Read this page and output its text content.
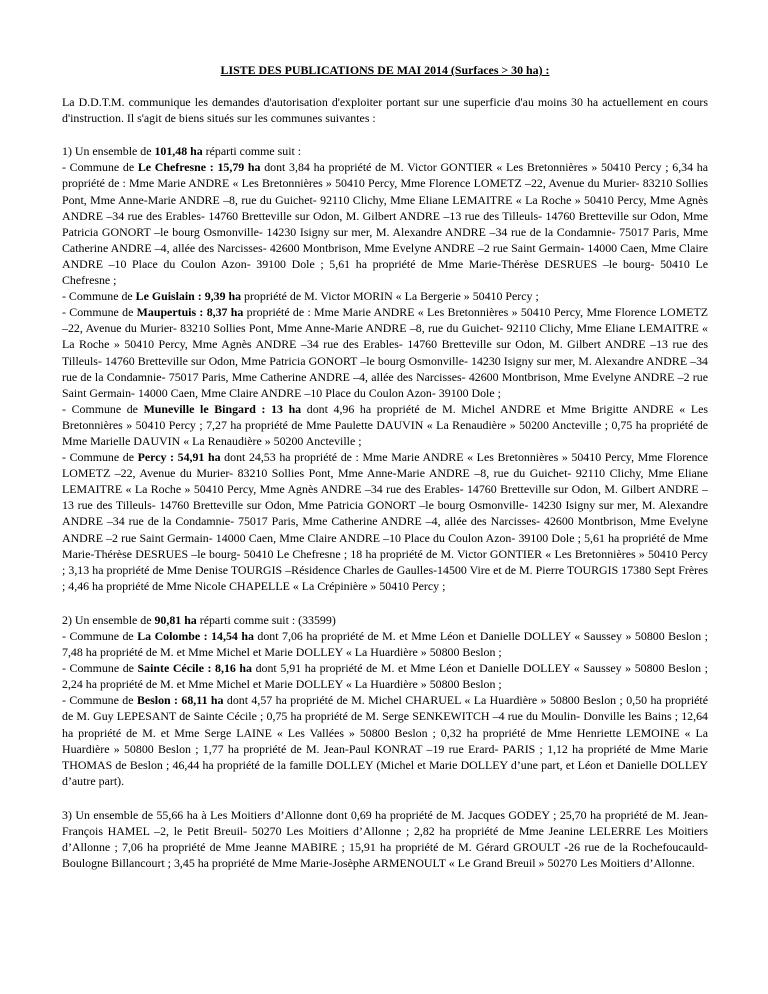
LISTE DES PUBLICATIONS DE MAI 2014 (Surfaces > 30 ha) :
La D.D.T.M. communique les demandes d'autorisation d'exploiter portant sur une superficie d'au moins 30 ha actuellement en cours d'instruction. Il s'agit de biens situés sur les communes suivantes :
1) Un ensemble de 101,48 ha réparti comme suit :
- Commune de Le Chefresne : 15,79 ha dont 3,84 ha propriété de M. Victor GONTIER « Les Bretonnières » 50410 Percy ; 6,34 ha propriété de : Mme Marie ANDRE « Les Bretonnières » 50410 Percy, Mme Florence LOMETZ –22, Avenue du Murier- 83210 Sollies Pont, Mme Anne-Marie ANDRE –8, rue du Guichet- 92110 Clichy, Mme Eliane LEMAITRE « La Roche » 50410 Percy, Mme Agnès ANDRE –34 rue des Erables- 14760 Bretteville sur Odon, M. Gilbert ANDRE –13 rue des Tilleuls- 14760 Bretteville sur Odon, Mme Patricia GONORT –le bourg Osmonville- 14230 Isigny sur mer, M. Alexandre ANDRE –34 rue de la Condamnie- 75017 Paris, Mme Catherine ANDRE –4, allée des Narcisses- 42600 Montbrison, Mme Evelyne ANDRE –2 rue Saint Germain- 14000 Caen, Mme Claire ANDRE –10 Place du Coulon Azon- 39100 Dole ; 5,61 ha propriété de Mme Marie-Thérèse DESRUES –le bourg- 50410 Le Chefresne ;
- Commune de Le Guislain : 9,39 ha propriété de M. Victor MORIN « La Bergerie » 50410 Percy ;
- Commune de Maupertuis : 8,37 ha propriété de : Mme Marie ANDRE « Les Bretonnières » 50410 Percy, Mme Florence LOMETZ –22, Avenue du Murier- 83210 Sollies Pont, Mme Anne-Marie ANDRE –8, rue du Guichet- 92110 Clichy, Mme Eliane LEMAITRE « La Roche » 50410 Percy, Mme Agnès ANDRE –34 rue des Erables- 14760 Bretteville sur Odon, M. Gilbert ANDRE –13 rue des Tilleuls- 14760 Bretteville sur Odon, Mme Patricia GONORT –le bourg Osmonville- 14230 Isigny sur mer, M. Alexandre ANDRE –34 rue de la Condamnie- 75017 Paris, Mme Catherine ANDRE –4, allée des Narcisses- 42600 Montbrison, Mme Evelyne ANDRE –2 rue Saint Germain- 14000 Caen, Mme Claire ANDRE –10 Place du Coulon Azon- 39100 Dole ;
- Commune de Muneville le Bingard : 13 ha dont 4,96 ha propriété de M. Michel ANDRE et Mme Brigitte ANDRE « Les Bretonnières » 50410 Percy ; 7,27 ha propriété de Mme Paulette DAUVIN « La Renaudière » 50200 Ancteville ; 0,75 ha propriété de Mme Marielle DAUVIN « La Renaudière » 50200 Ancteville ;
- Commune de Percy : 54,91 ha dont 24,53 ha propriété de : Mme Marie ANDRE « Les Bretonnières » 50410 Percy, Mme Florence LOMETZ –22, Avenue du Murier- 83210 Sollies Pont, Mme Anne-Marie ANDRE –8, rue du Guichet- 92110 Clichy, Mme Eliane LEMAITRE « La Roche » 50410 Percy, Mme Agnès ANDRE –34 rue des Erables- 14760 Bretteville sur Odon, M. Gilbert ANDRE –13 rue des Tilleuls- 14760 Bretteville sur Odon, Mme Patricia GONORT –le bourg Osmonville- 14230 Isigny sur mer, M. Alexandre ANDRE –34 rue de la Condamnie- 75017 Paris, Mme Catherine ANDRE –4, allée des Narcisses- 42600 Montbrison, Mme Evelyne ANDRE –2 rue Saint Germain- 14000 Caen, Mme Claire ANDRE –10 Place du Coulon Azon- 39100 Dole ; 5,61 ha propriété de Mme Marie-Thérèse DESRUES –le bourg- 50410 Le Chefresne ; 18 ha propriété de M. Victor GONTIER « Les Bretonnières » 50410 Percy ; 3,13 ha propriété de Mme Denise TOURGIS –Résidence Charles de Gaulles-14500 Vire et de M. Pierre TOURGIS 17380 Sept Frères ; 4,46 ha propriété de Mme Nicole CHAPELLE « La Crépinière » 50410 Percy ;
2) Un ensemble de 90,81 ha réparti comme suit : (33599)
- Commune de La Colombe : 14,54 ha dont 7,06 ha propriété de M. et Mme Léon et Danielle DOLLEY « Saussey » 50800 Beslon ; 7,48 ha propriété de M. et Mme Michel et Marie DOLLEY « La Huardière » 50800 Beslon ;
- Commune de Sainte Cécile : 8,16 ha dont 5,91 ha propriété de M. et Mme Léon et Danielle DOLLEY « Saussey » 50800 Beslon ; 2,24 ha propriété de M. et Mme Michel et Marie DOLLEY « La Huardière » 50800 Beslon ;
- Commune de Beslon : 68,11 ha dont 4,57 ha propriété de M. Michel CHARUEL « La Huardière » 50800 Beslon ; 0,50 ha propriété de M. Guy LEPESANT de Sainte Cécile ; 0,75 ha propriété de M. Serge SENKEWITCH –4 rue du Moulin- Donville les Bains ; 12,64 ha propriété de M. et Mme Serge LAINE « Les Vallées » 50800 Beslon ; 0,32 ha propriété de Mme Henriette LEMOINE « La Huardière » 50800 Beslon ; 1,77 ha propriété de M. Jean-Paul KONRAT –19 rue Erard- PARIS ; 1,12 ha propriété de Mme Marie THOMAS de Beslon ; 46,44 ha propriété de la famille DOLLEY (Michel et Marie DOLLEY d’une part, et Léon et Danielle DOLLEY d’autre part).
3) Un ensemble de 55,66 ha à Les Moitiers d’Allonne dont 0,69 ha propriété de M. Jacques GODEY ; 25,70 ha propriété de M. Jean-François HAMEL –2, le Petit Breuil- 50270 Les Moitiers d’Allonne ; 2,82 ha propriété de Mme Jeanine LELERRE Les Moitiers d’Allonne ; 7,06 ha propriété de Mme Jeanne MABIRE ; 15,91 ha propriété de M. Gérard GROULT -26 rue de la Rochefoucauld- Boulogne Billancourt ; 3,45 ha propriété de Mme Marie-Josèphe ARMENOULT « Le Grand Breuil » 50270 Les Moitiers d’Allonne.
